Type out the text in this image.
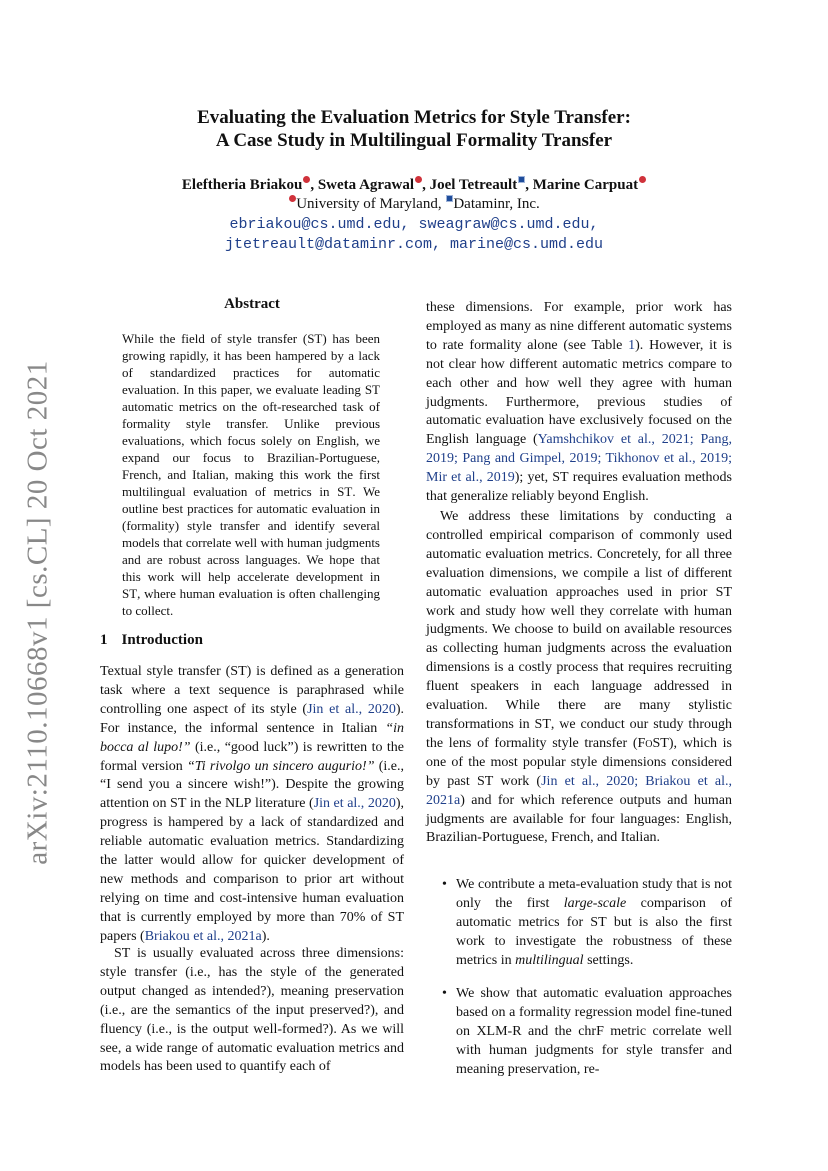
arXiv:2110.10668v1 [cs.CL] 20 Oct 2021
Evaluating the Evaluation Metrics for Style Transfer:
A Case Study in Multilingual Formality Transfer
Eleftheria Briakou , Sweta Agrawal , Joel Tetreault , Marine Carpuat
University of Maryland, Dataminr, Inc.
ebriakou@cs.umd.edu, sweagraw@cs.umd.edu,
jtetreault@dataminr.com, marine@cs.umd.edu
Abstract
While the field of style transfer (ST) has been growing rapidly, it has been hampered by a lack of standardized practices for automatic evaluation. In this paper, we evaluate leading ST automatic metrics on the oft-researched task of formality style transfer. Unlike previous evaluations, which focus solely on English, we expand our focus to Brazilian-Portuguese, French, and Italian, making this work the first multilingual evaluation of metrics in ST. We outline best practices for automatic evaluation in (formality) style transfer and identify several models that correlate well with human judgments and are robust across languages. We hope that this work will help accelerate development in ST, where human evaluation is often challenging to collect.
1 Introduction
Textual style transfer (ST) is defined as a generation task where a text sequence is paraphrased while controlling one aspect of its style (Jin et al., 2020). For instance, the informal sentence in Italian “in bocca al lupo!” (i.e., “good luck”) is rewritten to the formal version “Ti rivolgo un sincero augurio!” (i.e., “I send you a sincere wish!”). Despite the growing attention on ST in the NLP literature (Jin et al., 2020), progress is hampered by a lack of standardized and reliable automatic evaluation metrics. Standardizing the latter would allow for quicker development of new methods and comparison to prior art without relying on time and cost-intensive human evaluation that is currently employed by more than 70% of ST papers (Briakou et al., 2021a).
ST is usually evaluated across three dimensions: style transfer (i.e., has the style of the generated output changed as intended?), meaning preservation (i.e., are the semantics of the input preserved?), and fluency (i.e., is the output well-formed?). As we will see, a wide range of automatic evaluation metrics and models has been used to quantify each of
these dimensions. For example, prior work has employed as many as nine different automatic systems to rate formality alone (see Table 1). However, it is not clear how different automatic metrics compare to each other and how well they agree with human judgments. Furthermore, previous studies of automatic evaluation have exclusively focused on the English language (Yamshchikov et al., 2021; Pang, 2019; Pang and Gimpel, 2019; Tikhonov et al., 2019; Mir et al., 2019); yet, ST requires evaluation methods that generalize reliably beyond English.
We address these limitations by conducting a controlled empirical comparison of commonly used automatic evaluation metrics. Concretely, for all three evaluation dimensions, we compile a list of different automatic evaluation approaches used in prior ST work and study how well they correlate with human judgments. We choose to build on available resources as collecting human judgments across the evaluation dimensions is a costly process that requires recruiting fluent speakers in each language addressed in evaluation. While there are many stylistic transformations in ST, we conduct our study through the lens of formality style transfer (FoST), which is one of the most popular style dimensions considered by past ST work (Jin et al., 2020; Briakou et al., 2021a) and for which reference outputs and human judgments are available for four languages: English, Brazilian-Portuguese, French, and Italian.
• We contribute a meta-evaluation study that is not only the first large-scale comparison of automatic metrics for ST but is also the first work to investigate the robustness of these metrics in multilingual settings.
• We show that automatic evaluation approaches based on a formality regression model fine-tuned on XLM-R and the chrF metric correlate well with human judgments for style transfer and meaning preservation, re-
